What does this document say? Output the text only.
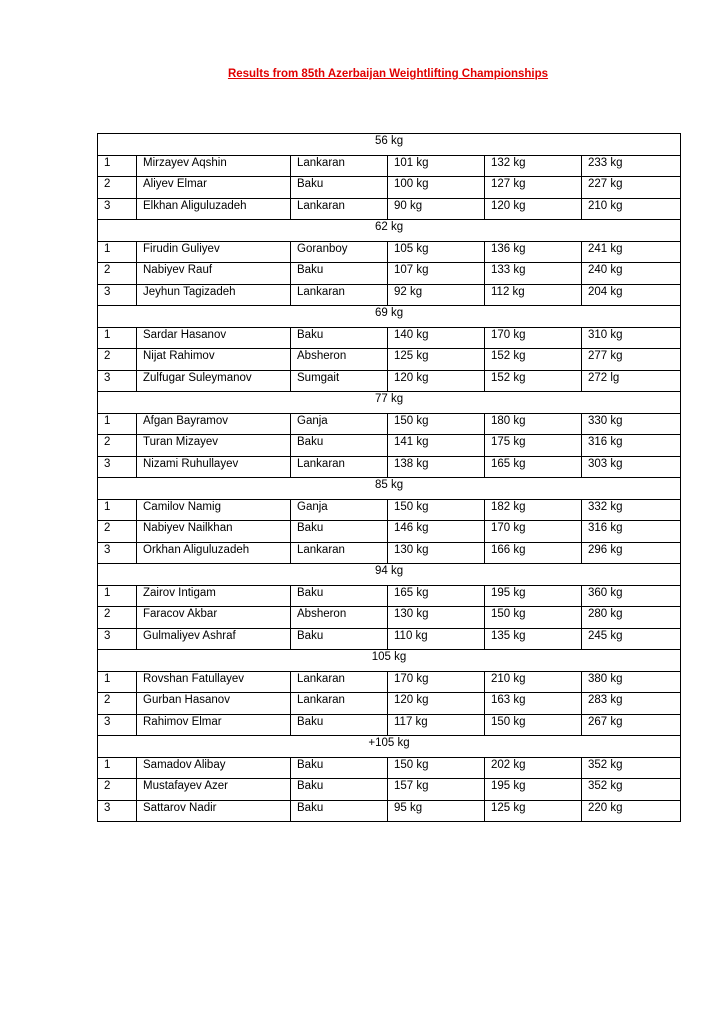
Results from 85th Azerbaijan Weightlifting Championships
56 kg					
1	Mirzayev Aqshin	Lankaran	101 kg	132 kg	233 kg
2	Aliyev Elmar	Baku	100 kg	127 kg	227 kg
3	Elkhan Aliguluzadeh	Lankaran	90 kg	120 kg	210 kg
62 kg					
1	Firudin Guliyev	Goranboy	105 kg	136 kg	241 kg
2	Nabiyev Rauf	Baku	107 kg	133 kg	240 kg
3	Jeyhun Tagizadeh	Lankaran	92 kg	112 kg	204 kg
69 kg					
1	Sardar Hasanov	Baku	140 kg	170 kg	310 kg
2	Nijat Rahimov	Absheron	125 kg	152 kg	277 kg
3	Zulfugar Suleymanov	Sumgait	120 kg	152 kg	272 lg
77 kg					
1	Afgan Bayramov	Ganja	150 kg	180 kg	330 kg
2	Turan Mizayev	Baku	141 kg	175 kg	316 kg
3	Nizami Ruhullayev	Lankaran	138 kg	165 kg	303 kg
85 kg					
1	Camilov Namig	Ganja	150 kg	182 kg	332 kg
2	Nabiyev Nailkhan	Baku	146 kg	170 kg	316 kg
3	Orkhan Aliguluzadeh	Lankaran	130 kg	166 kg	296 kg
94 kg					
1	Zairov Intigam	Baku	165 kg	195 kg	360 kg
2	Faracov Akbar	Absheron	130 kg	150 kg	280 kg
3	Gulmaliyev Ashraf	Baku	110 kg	135 kg	245 kg
105 kg					
1	Rovshan Fatullayev	Lankaran	170 kg	210 kg	380 kg
2	Gurban Hasanov	Lankaran	120 kg	163 kg	283 kg
3	Rahimov Elmar	Baku	117 kg	150 kg	267 kg
+105 kg					
1	Samadov Alibay	Baku	150 kg	202 kg	352 kg
2	Mustafayev Azer	Baku	157 kg	195 kg	352 kg
3	Sattarov Nadir	Baku	95 kg	125 kg	220 kg
